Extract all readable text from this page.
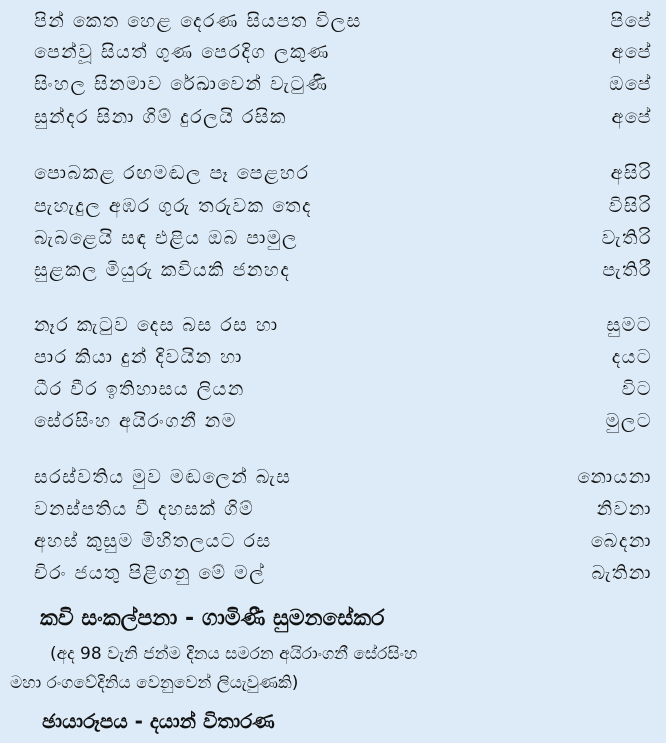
පින් කෙත හෙළ දෙරණ සියපත විලස	පිපේ
පෙන්වූ සියත් ගුණ පෙරදිග ලකුණ	අපේ
සිංහල සිනමාව රේඛාවෙන් වැටුණි	ඔපේ
සුන්දර සිනා ගිම් දුරලයි රසික	අපේ
පොබකළ රඟමඬල පෑ පෙළහර	අසිරි
පැහැදුල අඹර ගුරු තරුවක තෙද	විසිරි
බැබළෙයි සඳ එළිය ඔබ පාමුල	වැතිරි
සුළකල මියුරු කවියකි ජනහද	පැතිරී
නෑර කැටුව දෙස බස රස හා	සුමට
පාර කියා දුන් දිවයින හා	දයට
ධීර වීර ඉතිහාසය ලියන	විට
සේරසිංහ අයිරංගනී නම	මුලට
සරස්වතිය මුව මඬලෙන් බැස	නොයනා
වනස්පතිය වී දහසක් ගිම්	නිවනා
අහස් කුසුම මිහිතලයට රස	බෙදනා
චිරං ජයතු පිළිගනු මේ මල්	බැතිනා
කවි සංකල්පනා - ගාමිණී සුමනසේකර
(අද 98 වැනි ජන්ම දිනය සමරන අයිරාංගනී සේරසිංහ
මහා රංගවේදිනිය වෙනුවෙන් ලියැවුණකි)
ඡායාරූපය - දයාන් විතාරණ
